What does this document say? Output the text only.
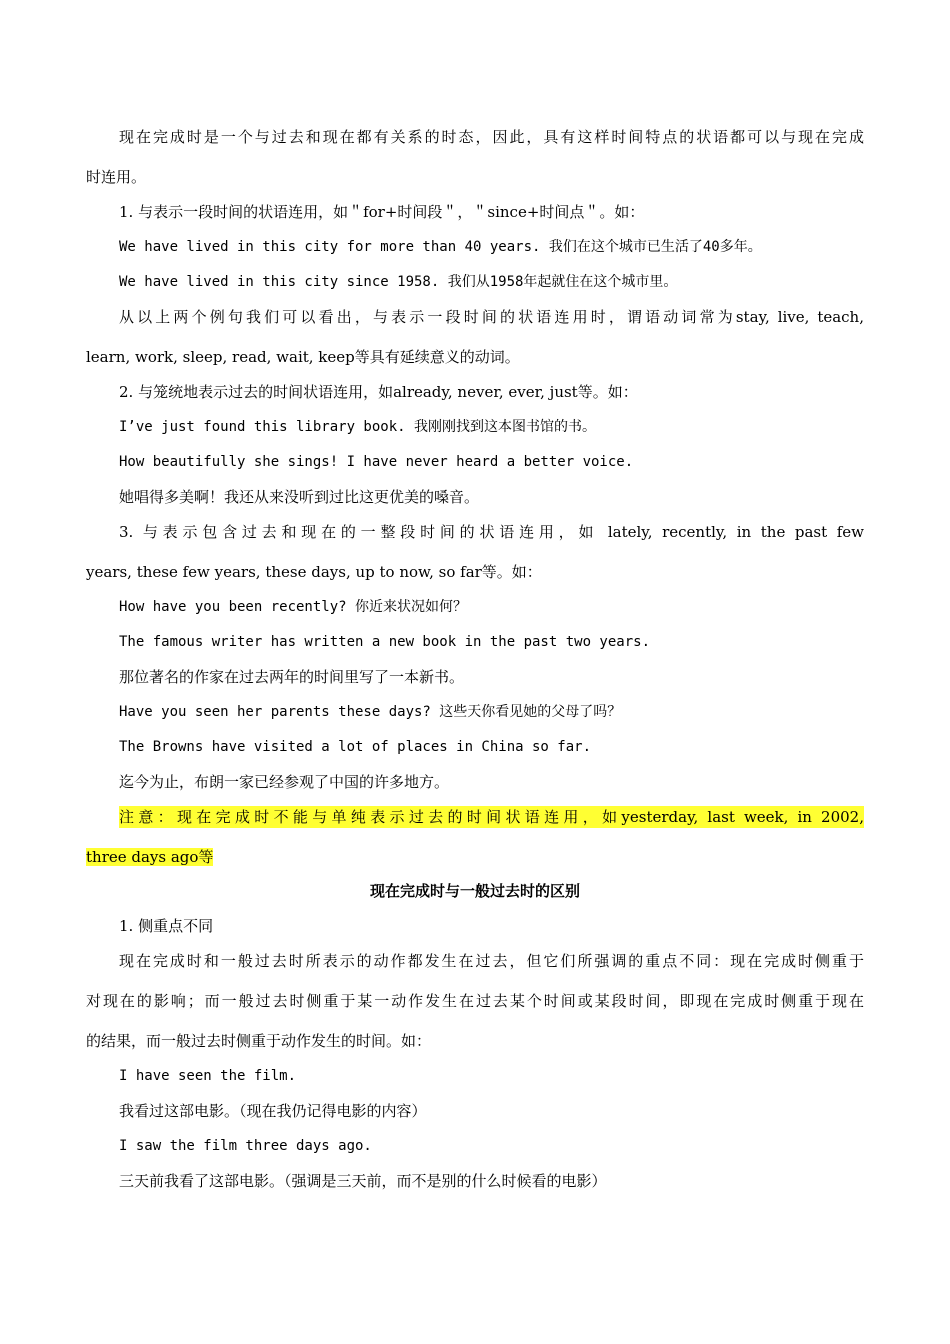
现在完成时是一个与过去和现在都有关系的时态，因此，具有这样时间特点的状语都可以与现在完成
时连用。
1. 与表示一段时间的状语连用，如＂for+时间段＂，＂since+时间点＂。如：
We have lived in this city for more than 40 years. 我们在这个城市已生活了40多年。
We have lived in this city since 1958. 我们从1958年起就住在这个城市里。
从以上两个例句我们可以看出，与表示一段时间的状语连用时，谓语动词常为stay, live, teach,
learn, work, sleep, read, wait, keep等具有延续意义的动词。
2. 与笼统地表示过去的时间状语连用，如already, never, ever, just等。如：
I’ve just found this library book. 我刚刚找到这本图书馆的书。
How beautifully she sings! I have never heard a better voice.
她唱得多美啊！我还从来没听到过比这更优美的嗓音。
3. 与表示包含过去和现在的一整段时间的状语连用，如 lately, recently, in the past few
years, these few years, these days, up to now, so far等。如：
How have you been recently? 你近来状况如何？
The famous writer has written a new book in the past two years.
那位著名的作家在过去两年的时间里写了一本新书。
Have you seen her parents these days? 这些天你看见她的父母了吗？
The Browns have visited a lot of places in China so far.
迄今为止，布朗一家已经参观了中国的许多地方。
注意：现在完成时不能与单纯表示过去的时间状语连用，如yesterday, last week, in 2002,
three days ago等
现在完成时与一般过去时的区别
1. 侧重点不同
现在完成时和一般过去时所表示的动作都发生在过去，但它们所强调的重点不同：现在完成时侧重于
对现在的影响；而一般过去时侧重于某一动作发生在过去某个时间或某段时间，即现在完成时侧重于现在
的结果，而一般过去时侧重于动作发生的时间。如：
I have seen the film.
我看过这部电影。（现在我仍记得电影的内容）
I saw the film three days ago.
三天前我看了这部电影。（强调是三天前，而不是别的什么时候看的电影）
